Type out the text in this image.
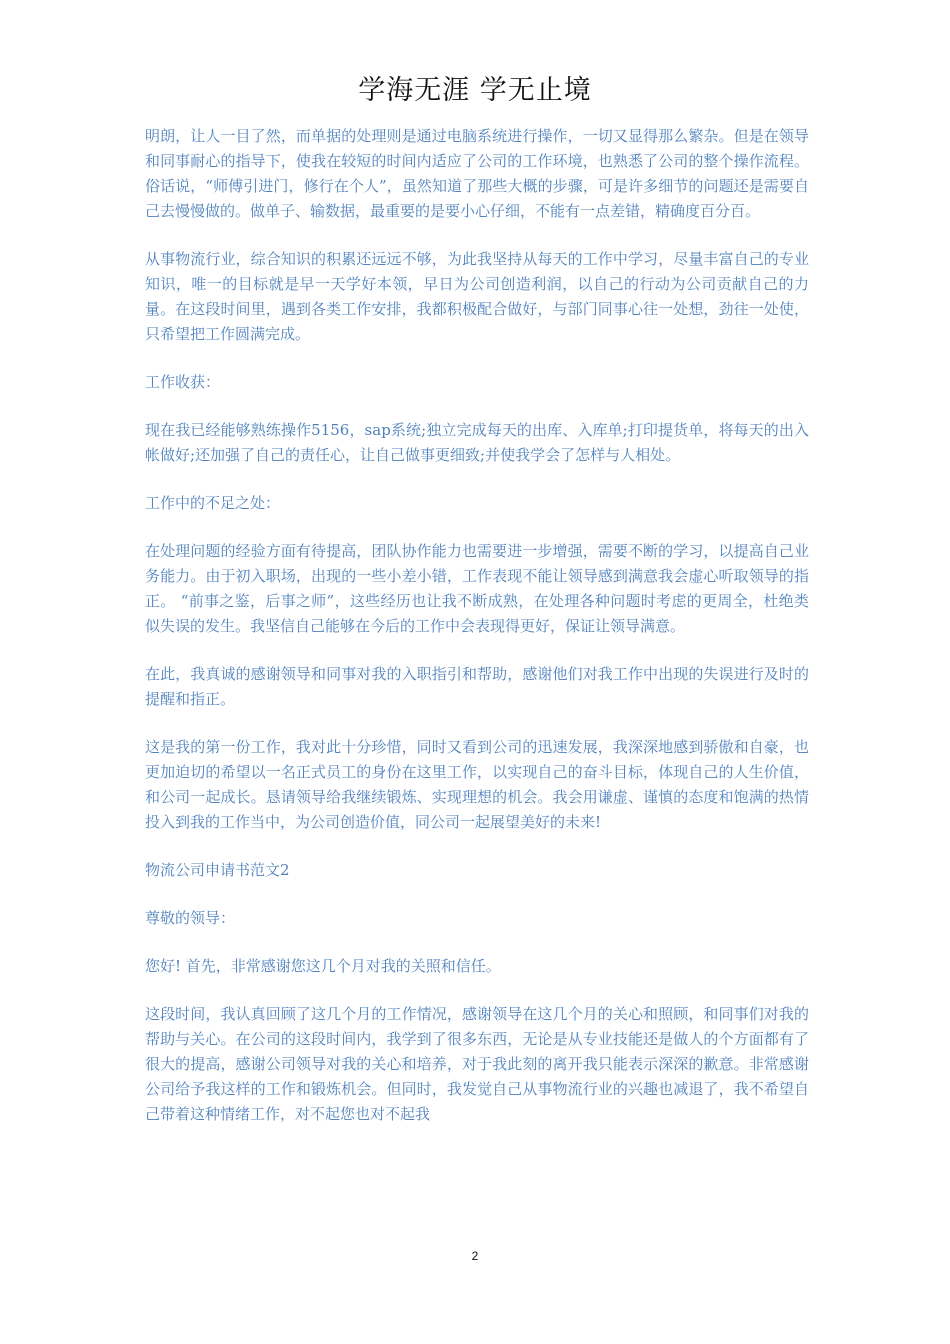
学海无涯 学无止境

明朗，让人一目了然，而单据的处理则是通过电脑系统进行操作，一切又显得那么繁杂。但是在领导和同事耐心的指导下，使我在较短的时间内适应了公司的工作环境，也熟悉了公司的整个操作流程。俗话说，“师傅引进门，修行在个人”，虽然知道了那些大概的步骤，可是许多细节的问题还是需要自己去慢慢做的。做单子、输数据，最重要的是要小心仔细，不能有一点差错，精确度百分百。

从事物流行业，综合知识的积累还远远不够，为此我坚持从每天的工作中学习，尽量丰富自己的专业知识，唯一的目标就是早一天学好本领，早日为公司创造利润，以自己的行动为公司贡献自己的力量。在这段时间里，遇到各类工作安排，我都积极配合做好，与部门同事心往一处想，劲往一处使，只希望把工作圆满完成。

工作收获：

现在我已经能够熟练操作5156，sap系统;独立完成每天的出库、入库单;打印提货单，将每天的出入帐做好;还加强了自己的责任心，让自己做事更细致;并使我学会了怎样与人相处。

工作中的不足之处：

在处理问题的经验方面有待提高，团队协作能力也需要进一步增强，需要不断的学习，以提高自己业务能力。由于初入职场，出现的一些小差小错，工作表现不能让领导感到满意我会虚心听取领导的指正。 “前事之鉴，后事之师”，这些经历也让我不断成熟，在处理各种问题时考虑的更周全，杜绝类似失误的发生。我坚信自己能够在今后的工作中会表现得更好，保证让领导满意。

在此，我真诚的感谢领导和同事对我的入职指引和帮助，感谢他们对我工作中出现的失误进行及时的提醒和指正。

这是我的第一份工作，我对此十分珍惜，同时又看到公司的迅速发展，我深深地感到骄傲和自豪，也更加迫切的希望以一名正式员工的身份在这里工作，以实现自己的奋斗目标，体现自己的人生价值，和公司一起成长。恳请领导给我继续锻炼、实现理想的机会。我会用谦虚、谨慎的态度和饱满的热情投入到我的工作当中，为公司创造价值，同公司一起展望美好的未来!

物流公司申请书范文2

尊敬的领导：

您好! 首先，非常感谢您这几个月对我的关照和信任。

这段时间，我认真回顾了这几个月的工作情况，感谢领导在这几个月的关心和照顾，和同事们对我的帮助与关心。在公司的这段时间内，我学到了很多东西，无论是从专业技能还是做人的个方面都有了很大的提高，感谢公司领导对我的关心和培养，对于我此刻的离开我只能表示深深的歉意。非常感谢公司给予我这样的工作和锻炼机会。但同时，我发觉自己从事物流行业的兴趣也减退了，我不希望自己带着这种情绪工作，对不起您也对不起我

2
